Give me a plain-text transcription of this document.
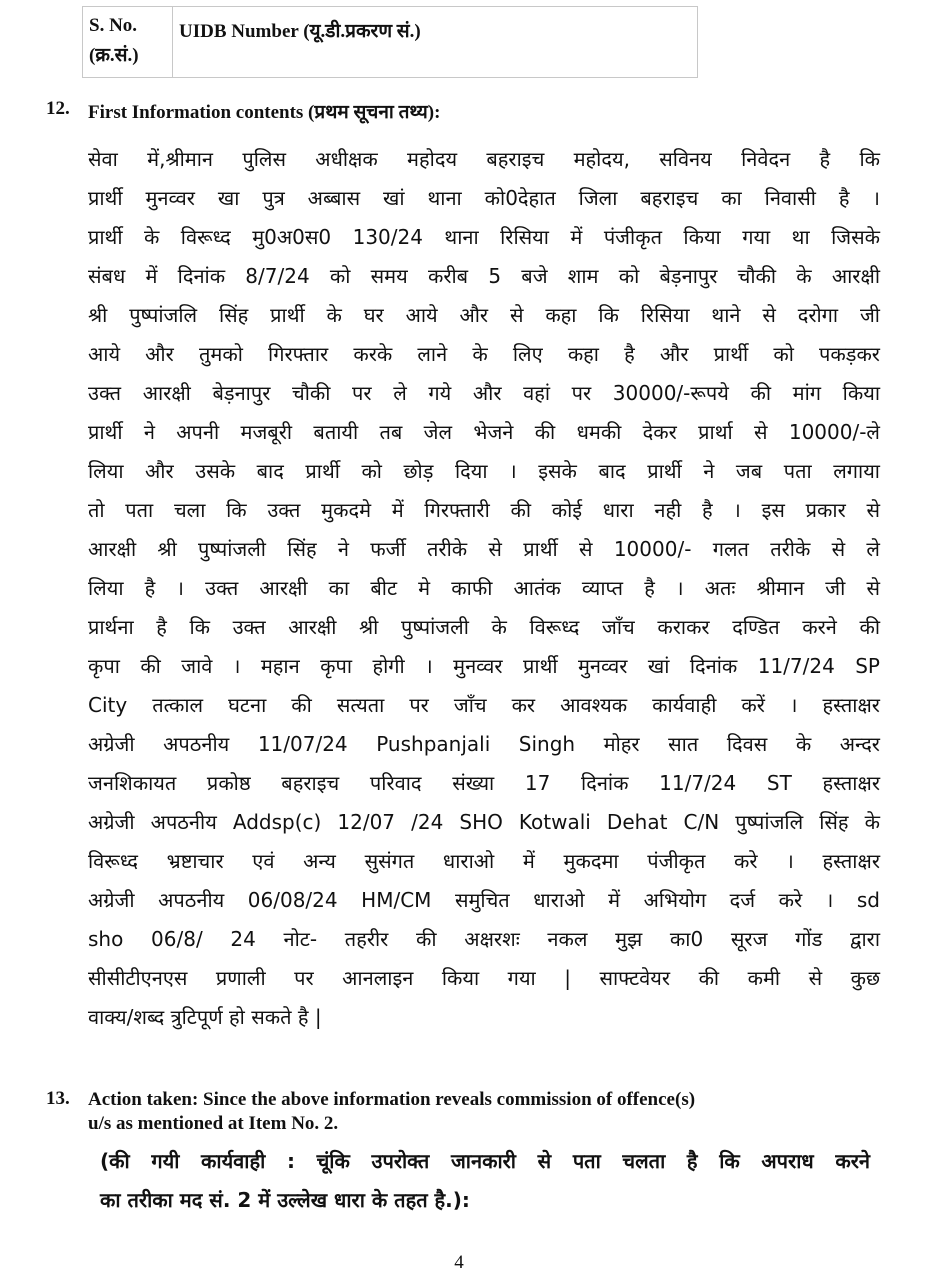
S. No.
(क्र.सं.)
UIDB Number (यू.डी.प्रकरण सं.)
12. First Information contents (प्रथम सूचना तथ्य):
सेवा में,श्रीमान पुलिस अधीक्षक महोदय बहराइच महोदय, सविनय निवेदन है कि
प्रार्थी मुनव्वर खा पुत्र अब्बास खां थाना को0देहात जिला बहराइच का निवासी है ।
प्रार्थी के विरूध्द मु0अ0स0 130/24 थाना रिसिया में पंजीकृत किया गया था जिसके
संबध में दिनांक 8/7/24 को समय करीब 5 बजे शाम को बेड़नापुर चौकी के आरक्षी
श्री पुष्पांजलि सिंह प्रार्थी के घर आये और से कहा कि रिसिया थाने से दरोगा जी
आये और तुमको गिरफ्तार करके लाने के लिए कहा है और प्रार्थी को पकड़कर
उक्त आरक्षी बेड़नापुर चौकी पर ले गये और वहां पर 30000/-रूपये की मांग किया
प्रार्थी ने अपनी मजबूरी बतायी तब जेल भेजने की धमकी देकर प्रार्था से 10000/-ले
लिया और उसके बाद प्रार्थी को छोड़ दिया । इसके बाद प्रार्थी ने जब पता लगाया
तो पता चला कि उक्त मुकदमे में गिरफ्तारी की कोई धारा नही है । इस प्रकार से
आरक्षी श्री पुष्पांजली सिंह ने फर्जी तरीके से प्रार्थी से 10000/- गलत तरीके से ले
लिया है । उक्त आरक्षी का बीट मे काफी आतंक व्याप्त है । अतः श्रीमान जी से
प्रार्थना है कि उक्त आरक्षी श्री पुष्पांजली के विरूध्द जाँच कराकर दण्डित करने की
कृपा की जावे । महान कृपा होगी । मुनव्वर प्रार्थी मुनव्वर खां दिनांक 11/7/24 SP
City तत्काल घटना की सत्यता पर जाँच कर आवश्यक कार्यवाही करें । हस्ताक्षर
अग्रेजी अपठनीय 11/07/24 Pushpanjali Singh मोहर सात दिवस के अन्दर
जनशिकायत प्रकोष्ठ बहराइच परिवाद संख्या 17 दिनांक 11/7/24 ST हस्ताक्षर
अग्रेजी अपठनीय Addsp(c) 12/07 /24 SHO Kotwali Dehat C/N पुष्पांजलि सिंह के
विरूध्द भ्रष्टाचार एवं अन्य सुसंगत धाराओ में मुकदमा पंजीकृत करे । हस्ताक्षर
अग्रेजी अपठनीय 06/08/24 HM/CM समुचित धाराओ में अभियोग दर्ज करे । sd
sho 06/8/ 24 नोट- तहरीर की अक्षरशः नकल मुझ का0 सूरज गोंड द्वारा
सीसीटीएनएस प्रणाली पर आनलाइन किया गया | साफ्टवेयर की कमी से कुछ
वाक्य/शब्द त्रुटिपूर्ण हो सकते है |
13. Action taken: Since the above information reveals commission of offence(s)
u/s as mentioned at Item No. 2.
(की गयी कार्यवाही : चूंकि उपरोक्त जानकारी से पता चलता है कि अपराध करने
का तरीका मद सं. 2 में उल्लेख धारा के तहत है.):
4
